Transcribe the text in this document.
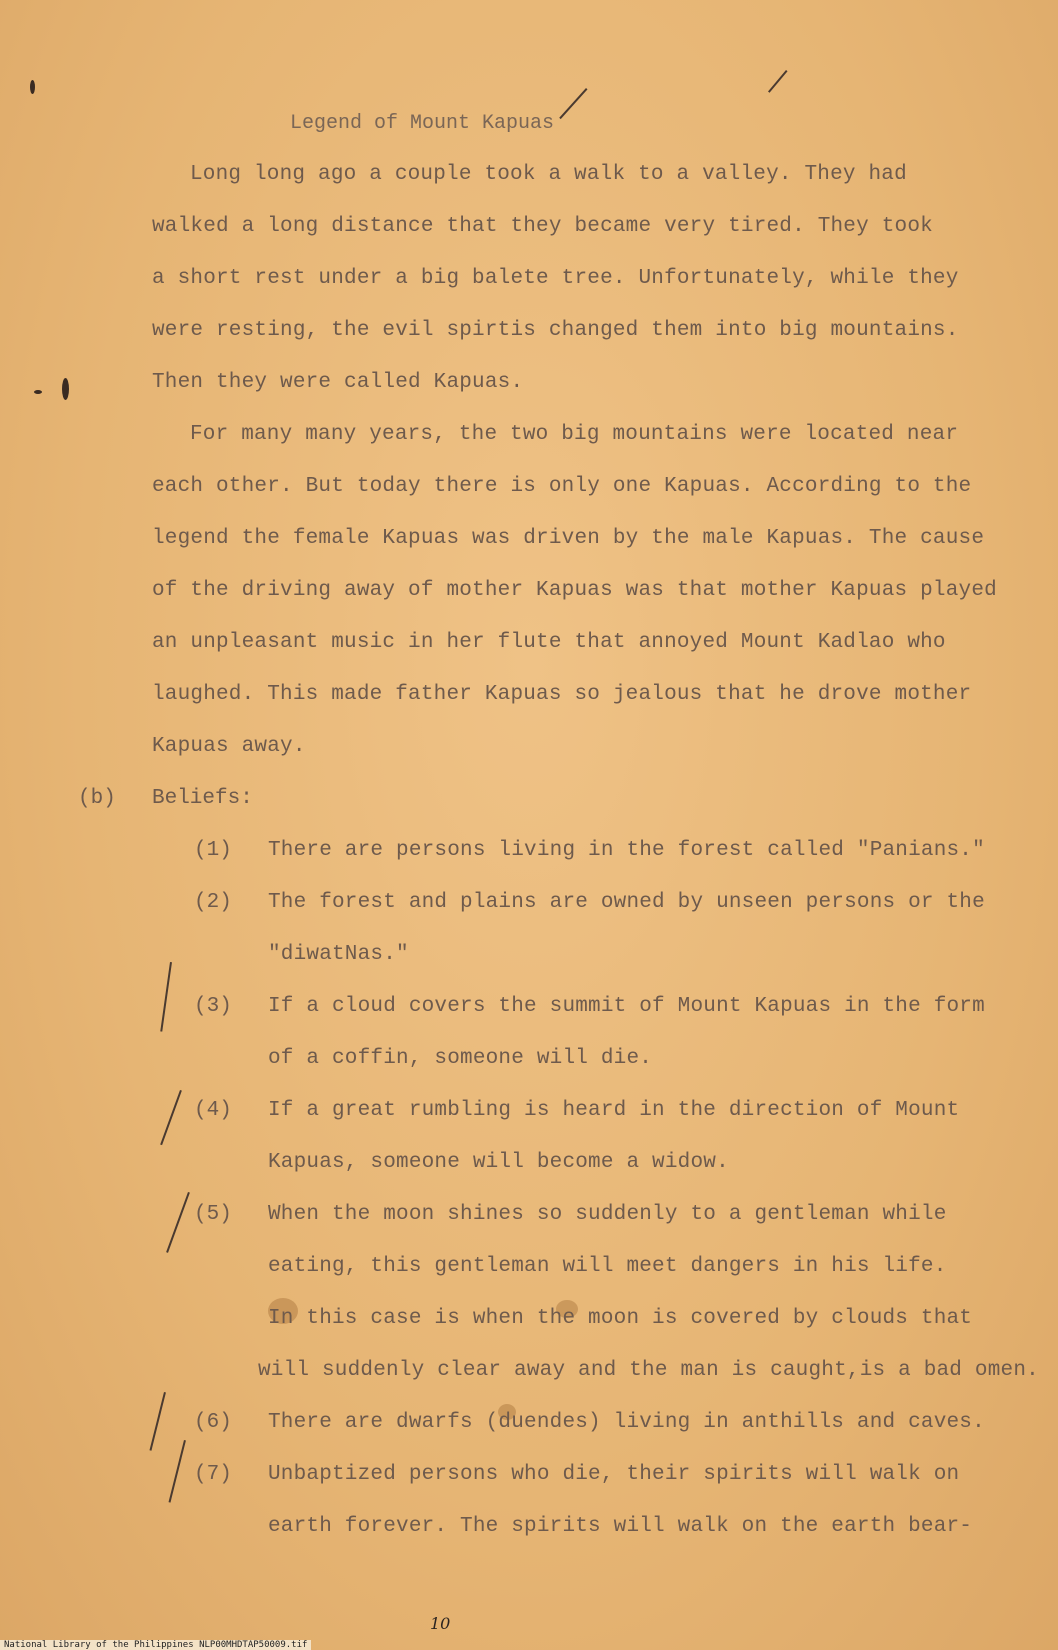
Legend of Mount Kapuas
Long long ago a couple took a walk to a valley. They had
walked a long distance that they became very tired. They took
a short rest under a big balete tree. Unfortunately, while they
were resting, the evil spirtis changed them into big mountains.
Then they were called Kapuas.
For many many years, the two big mountains were located near
each other. But today there is only one Kapuas. According to the
legend the female Kapuas was driven by the male Kapuas. The cause
of the driving away of mother Kapuas was that mother Kapuas played
an unpleasant music in her flute that annoyed Mount Kadlao who
laughed. This made father Kapuas so jealous that he drove mother
Kapuas away.
(b) Beliefs:
(1) There are persons living in the forest called "Panians."
(2) The forest and plains are owned by unseen persons or the
"diwatNas."
(3) If a cloud covers the summit of Mount Kapuas in the form
of a coffin, someone will die.
(4) If a great rumbling is heard in the direction of Mount
Kapuas, someone will become a widow.
(5) When the moon shines so suddenly to a gentleman while
eating, this gentleman will meet dangers in his life.
In this case is when the moon is covered by clouds that
will suddenly clear away and the man is caught,is a bad omen.
(6) There are dwarfs (duendes) living in anthills and caves.
(7) Unbaptized persons who die, their spirits will walk on
earth forever. The spirits will walk on the earth bear-
10
National Library of the Philippines NLP00MHDTAP50009.tif
